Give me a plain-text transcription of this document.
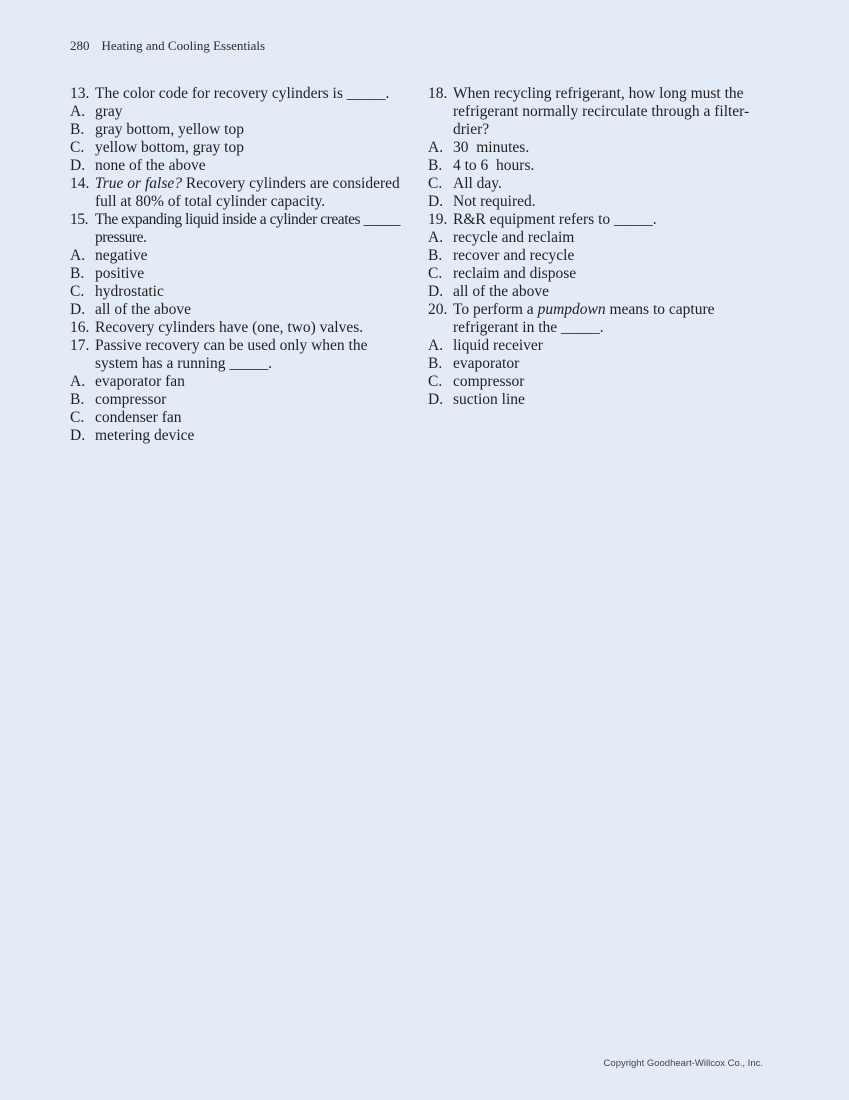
280 Heating and Cooling Essentials
13. The color code for recovery cylinders is _____.
A. gray
B. gray bottom, yellow top
C. yellow bottom, gray top
D. none of the above
14. True or false? Recovery cylinders are considered full at 80% of total cylinder capacity.
15. The expanding liquid inside a cylinder creates _____ pressure.
A. negative
B. positive
C. hydrostatic
D. all of the above
16. Recovery cylinders have (one, two) valves.
17. Passive recovery can be used only when the system has a running _____.
A. evaporator fan
B. compressor
C. condenser fan
D. metering device
18. When recycling refrigerant, how long must the refrigerant normally recirculate through a filter-drier?
A. 30  minutes.
B. 4 to 6  hours.
C. All day.
D. Not required.
19. R&R equipment refers to _____.
A. recycle and reclaim
B. recover and recycle
C. reclaim and dispose
D. all of the above
20. To perform a pumpdown means to capture refrigerant in the _____.
A. liquid receiver
B. evaporator
C. compressor
D. suction line
Copyright Goodheart-Willcox Co., Inc.
